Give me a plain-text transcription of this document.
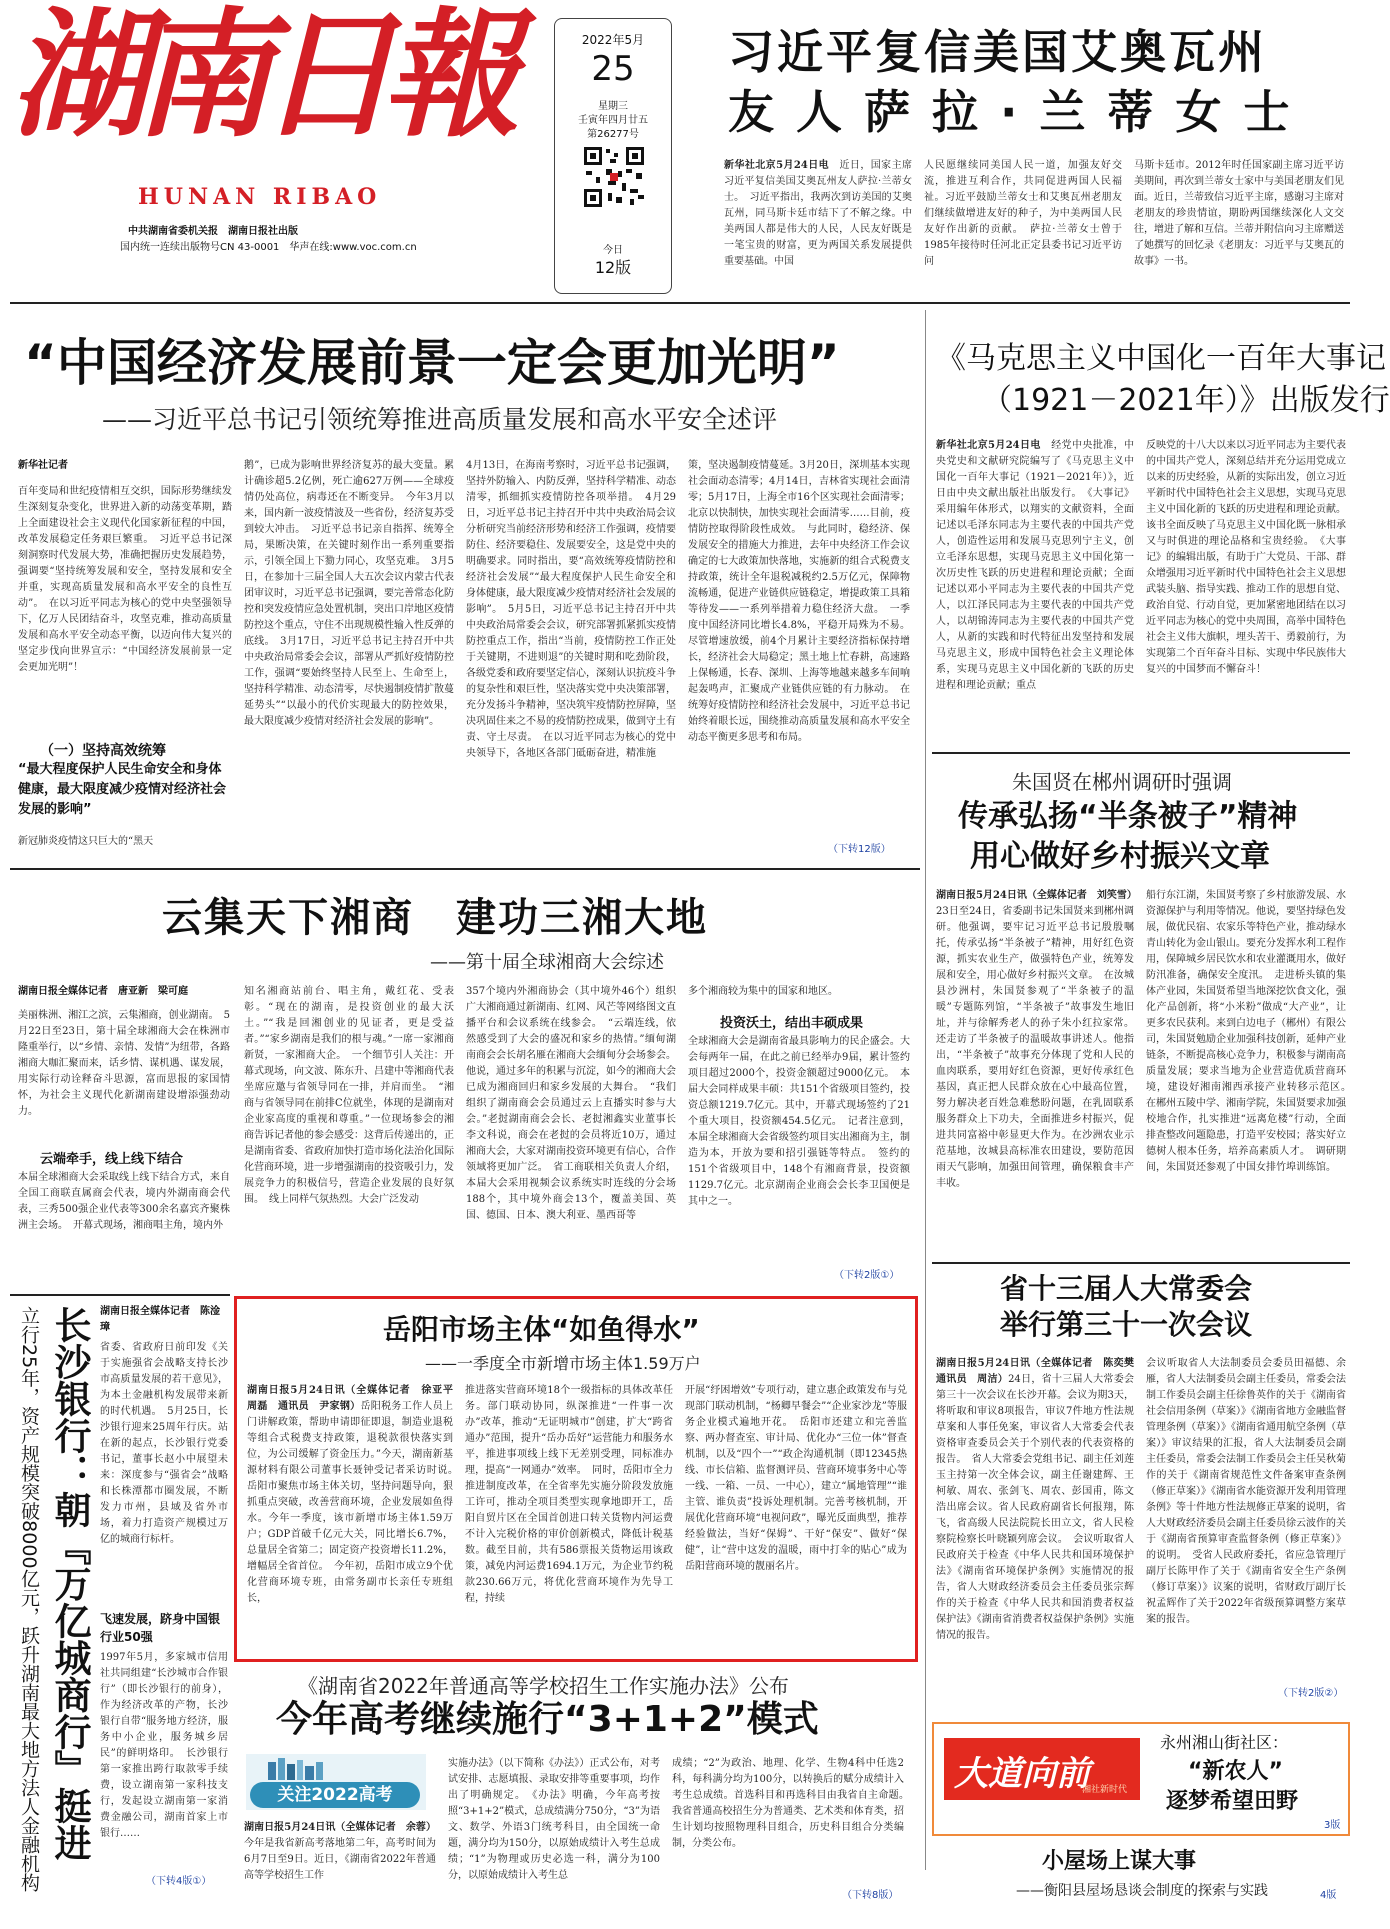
湖南日報
HUNAN RIBAO
中共湖南省委机关报　湖南日报社出版
国内统一连续出版物号CN 43-0001　华声在线:www.voc.com.cn
2022年5月
25
星期三
壬寅年四月廿五
第26277号
今日
12版
习近平复信美国艾奥瓦州
友人萨拉·兰蒂女士
新华社北京5月24日电　 近日，国家主席习近平复信美国艾奥瓦州友人萨拉·兰蒂女士。　习近平指出，我两次到访美国的艾奥瓦州，同马斯卡廷市结下了不解之缘。中美两国人都是伟大的人民，人民友好既是一笔宝贵的财富，更为两国关系发展提供重要基础。中国
人民愿继续同美国人民一道，加强友好交流，推进互利合作，共同促进两国人民福祉。习近平鼓励兰蒂女士和艾奥瓦州老朋友们继续做增进友好的种子，为中美两国人民友好作出新的贡献。　萨拉·兰蒂女士曾于1985年接待时任河北正定县委书记习近平访问
马斯卡廷市。2012年时任国家副主席习近平访美期间，再次到兰蒂女士家中与美国老朋友们见面。近日，兰蒂致信习近平主席，感谢习主席对老朋友的珍贵情谊，期盼两国继续深化人文交往，增进了解和互信。兰蒂并附信向习主席赠送了她撰写的回忆录《老朋友：习近平与艾奥瓦的故事》一书。
“中国经济发展前景一定会更加光明”
——习近平总书记引领统筹推进高质量发展和高水平安全述评
新华社记者
百年变局和世纪疫情相互交织，国际形势继续发生深刻复杂变化，世界进入新的动荡变革期，踏上全面建设社会主义现代化国家新征程的中国，改革发展稳定任务艰巨繁重。　习近平总书记深刻洞察时代发展大势，准确把握历史发展趋势，强调要“坚持统筹发展和安全，坚持发展和安全并重，实现高质量发展和高水平安全的良性互动”。　在以习近平同志为核心的党中央坚强领导下，亿万人民团结奋斗，攻坚克难，推动高质量发展和高水平安全动态平衡，以迈向伟大复兴的坚定步伐向世界宣示：“中国经济发展前景一定会更加光明”！
（一）坚持高效统筹
“最大程度保护人民生命安全和身体健康，最大限度减少疫情对经济社会发展的影响”
新冠肺炎疫情这只巨大的“黑天
鹅”，已成为影响世界经济复苏的最大变量。累计确诊超5.2亿例，死亡逾627万例——全球疫情仍处高位，病毒还在不断变异。　今年3月以来，国内新一波疫情波及一些省份，经济复苏受到较大冲击。　习近平总书记亲自指挥、统筹全局，果断决策，在关键时刻作出一系列重要指示，引领全国上下勠力同心，攻坚克难。　3月5日，在参加十三届全国人大五次会议内蒙古代表团审议时，习近平总书记强调，要完善常态化防控和突发疫情应急处置机制，突出口岸地区疫情防控这个重点，守住不出现规模性输入性反弹的底线。　3月17日，习近平总书记主持召开中共中央政治局常委会会议，部署从严抓好疫情防控工作，强调“要始终坚持人民至上、生命至上，坚持科学精准、动态清零，尽快遏制疫情扩散蔓延势头”“以最小的代价实现最大的防控效果，最大限度减少疫情对经济社会发展的影响”。
4月13日，在海南考察时，习近平总书记强调，坚持外防输入、内防反弹，坚持科学精准、动态清零，抓细抓实疫情防控各项举措。　4月29日，习近平总书记主持召开中共中央政治局会议分析研究当前经济形势和经济工作强调，疫情要防住、经济要稳住、发展要安全，这是党中央的明确要求。同时指出，要“高效统筹疫情防控和经济社会发展”“最大程度保护人民生命安全和身体健康，最大限度减少疫情对经济社会发展的影响”。　5月5日，习近平总书记主持召开中共中央政治局常委会会议，研究部署抓紧抓实疫情防控重点工作，指出“当前，疫情防控工作正处于关键期，不进则退”的关键时期和吃劲阶段，各级党委和政府要坚定信心，深刻认识抗疫斗争的复杂性和艰巨性，坚决落实党中央决策部署，充分发扬斗争精神，坚决筑牢疫情防控屏障，坚决巩固住来之不易的疫情防控成果，做到守土有责、守土尽责。　在以习近平同志为核心的党中央领导下，各地区各部门砥砺奋进，精准施
策，坚决遏制疫情蔓延。3月20日，深圳基本实现社会面动态清零；4月14日，吉林省实现社会面清零；5月17日，上海全市16个区实现社会面清零；北京以快制快，加快实现社会面清零……目前，疫情防控取得阶段性成效。　与此同时，稳经济、保发展安全的措施大力推进，去年中央经济工作会议确定的七大政策加快落地，实施新的组合式税费支持政策，统计全年退税减税约2.5万亿元，保障物流畅通，促进产业链供应链稳定，增提政策工具箱等待发——一系列举措着力稳住经济大盘。　一季度中国经济同比增长4.8%，平稳开局殊为不易。尽管增速放缓，前4个月累计主要经济指标保持增长，经济社会大局稳定；黑土地上忙春耕，高速路上保畅通，长春、深圳、上海等地越来越多车间响起轰鸣声，汇聚成产业链供应链的有力脉动。　在统筹好疫情防控和经济社会发展中，习近平总书记始终着眼长远，围绕推动高质量发展和高水平安全动态平衡更多思考和布局。
（下转12版）
《马克思主义中国化一百年大事记
（1921－2021年）》出版发行
新华社北京5月24日电　 经党中央批准，中央党史和文献研究院编写了《马克思主义中国化一百年大事记（1921－2021年）》，近日由中央文献出版社出版发行。　《大事记》采用编年体形式，以翔实的文献资料，全面记述以毛泽东同志为主要代表的中国共产党人，创造性运用和发展马克思列宁主义，创立毛泽东思想，实现马克思主义中国化第一次历史性飞跃的历史进程和理论贡献；全面记述以邓小平同志为主要代表的中国共产党人，以江泽民同志为主要代表的中国共产党人，以胡锦涛同志为主要代表的中国共产党人，从新的实践和时代特征出发坚持和发展马克思主义，形成中国特色社会主义理论体系，实现马克思主义中国化新的飞跃的历史进程和理论贡献；重点
反映党的十八大以来以习近平同志为主要代表的中国共产党人，深刻总结并充分运用党成立以来的历史经验，从新的实际出发，创立习近平新时代中国特色社会主义思想，实现马克思主义中国化新的飞跃的历史进程和理论贡献。该书全面反映了马克思主义中国化既一脉相承又与时俱进的理论品格和宝贵经验。　《大事记》的编辑出版，有助于广大党员、干部、群众增强用习近平新时代中国特色社会主义思想武装头脑、指导实践、推动工作的思想自觉、政治自觉、行动自觉，更加紧密地团结在以习近平同志为核心的党中央周围，高举中国特色社会主义伟大旗帜，埋头苦干、勇毅前行，为实现第二个百年奋斗目标、实现中华民族伟大复兴的中国梦而不懈奋斗！
朱国贤在郴州调研时强调
传承弘扬“半条被子”精神
用心做好乡村振兴文章
湖南日报5月24日讯（全媒体记者　刘笑雪）23日至24日，省委副书记朱国贤来到郴州调研。他强调，要牢记习近平总书记殷殷嘱托，传承弘扬“半条被子”精神，用好红色资源，抓实农业生产，做强特色产业，统筹发展和安全，用心做好乡村振兴文章。　在汝城县沙洲村，朱国贤参观了“半条被子的温暖”专题陈列馆，“半条被子”故事发生地旧址，并与徐解秀老人的孙子朱小红拉家常。还走访了半条被子的温暖故事讲述人。他指出，“半条被子”故事充分体现了党和人民的血肉联系，要用好红色资源，更好传承红色基因，真正把人民群众放在心中最高位置，努力解决老百姓急难愁盼问题，在乳固联系服务群众上下功夫，全面推进乡村振兴，促进共同富裕中彰显更大作为。在沙洲农业示范基地，汝城县高标准农田建设，要防范因雨天气影响，加强田间管理，确保粮食丰产丰收。
船行东江湖，朱国贤考察了乡村旅游发展、水资源保护与利用等情况。他说，要坚持绿色发展，做优民宿、农家乐等特色产业，推动绿水青山转化为金山银山。要充分发挥水利工程作用，保障城乡居民饮水和农业灌溉用水，做好防汛准备，确保安全度汛。　走进桥头镇的集体产业园，朱国贤希望当地深挖饮食文化，强化产品创新，将“小米粉”做成“大产业”，让更多农民获利。来到白边电子（郴州）有限公司，朱国贤勉励企业加强科技创新，延伸产业链条，不断提高核心竞争力，积极参与湖南高质量发展；要求当地为企业营造优质营商环境，建设好湘南湘西承接产业转移示范区。　在郴州五陵中学、湘南学院，朱国贤要求加强校地合作，扎实推进“远离危楼”行动，全面排查整改问题隐患，打造平安校园；落实好立德树人根本任务，培养高素质人才。　调研期间，朱国贤还参观了中国女排竹埠训练馆。
云集天下湘商　建功三湘大地
——第十届全球湘商大会综述
湖南日报全媒体记者　唐亚新　梁可庭
美丽株洲、湘江之滨，云集湘商，创业湖南。　5月22日至23日，第十届全球湘商大会在株洲市隆重举行，以“乡情、亲情、发情”为纽带，各路湘商大咖汇聚而来，话乡情、谋机遇、谋发展，用实际行动诠释奋斗思源，富而思报的家国情怀，为社会主义现代化新湖南建设增添强劲动力。
云端牵手，线上线下结合
本届全球湘商大会采取线上线下结合方式，来自全国工商联直属商会代表，境内外湖南商会代表，三秀500强企业代表等300余名嘉宾齐聚株洲主会场。　开幕式现场，湘商唱主角，境内外
知名湘商站前台、唱主角，戴红花、受表彰。“现在的湖南，是投资创业的最大沃土。”“我是回湘创业的见证者，更是受益者。”“家乡湖南是我们的根与魂。”一席一家湘商新贤，一家湘商大企。　一个细节引人关注：开幕式现场，向文波、陈东升、吕建中等湘商代表坐席应邀与省领导同在一排，并肩而坐。　“湘商与省领导同在前排C位就坐，体现的是湖南对企业家高度的重视和尊重。”一位现场参会的湘商告诉记者他的参会感受：这背后传递出的，正是湖南省委、省政府加快打造市场化法治化国际化营商环境，进一步增强湖南的投资吸引力，发展竞争力的积极信号，营造企业发展的良好氛围。　线上同样气氛热烈。大会广泛发动
357个境内外湘商协会（其中境外46个）组织广大湘商通过新湖南、红网、风芒等网络图文直播平台和会议系统在线参会。　“云端连线，依然感受到了大会的盛况和家乡的热情。”缅甸湖南商会会长胡名雁在湘商大会缅甸分会场参会。他说，通过多年的积累与沉淀，如今的湘商大会已成为湘商回归和家乡发展的大舞台。　“我们组织了湖南商会会员通过云上直播实时参与大会。”老挝湖南商会会长、老挝湘鑫实业董事长李文科说，商会在老挝的会员将近10万，通过湘商大会，大家对湖南投资环境更有信心，合作领域将更加广泛。　省工商联相关负责人介绍，本届大会采用视频会议系统实时连线的分会场188个，其中境外商会13个，覆盖美国、英国、德国、日本、澳大利亚、墨西哥等
多个湘商较为集中的国家和地区。
投资沃土，结出丰硕成果
全球湘商大会是湖南省最具影响力的民企盛会。大会每两年一届，在此之前已经举办9届，累计签约项目超过2000个，投资金额超过9000亿元。　本届大会同样成果丰硕：共151个省级项目签约，投资总额1219.7亿元。其中，开幕式现场签约了21个重大项目，投资额454.5亿元。　记者注意到，本届全球湘商大会省级签约项目实出湘商为主，制造为本，开放为要和招引强链等特点。　签约的151个省级项目中，148个有湘商背景，投资额1129.7亿元。北京湖南企业商会会长李卫国便是其中之一。
（下转2版①）
立行25年，资产规模突破8000亿元，跃升湖南最大地方法人金融机构 长沙银行：朝『万亿城商行』挺进 湖南日报全媒体记者　陈淦璋
省委、省政府日前印发《关于实施强省会战略支持长沙市高质量发展的若干意见》，为本土金融机构发展带来新的时代机遇。　5月25日，长沙银行迎来25周年行庆。站在新的起点，长沙银行党委书记，董事长赵小中展望未来：深度参与“强省会”战略和长株潭都市圈发展，不断发力市州，县域及省外市场，着力打造资产规模过万亿的城商行标杆。
飞速发展，跻身中国银行业50强
1997年5月，多家城市信用社共同组建“长沙城市合作银行”（即长沙银行的前身），作为经济改革的产物，长沙银行自带“服务地方经济，服务中小企业，服务城乡居民”的鲜明烙印。　长沙银行第一家推出跨行取款零手续费，设立湖南第一家科技支行，发起设立湖南第一家消费金融公司，湖南首家上市银行……
（下转4版①）
岳阳市场主体“如鱼得水”
——一季度全市新增市场主体1.59万户
湖南日报5月24日讯（全媒体记者　徐亚平　周磊　通讯员　尹家钢）岳阳税务工作人员上门讲解政策，帮助申请即征即退，制造业退税等组合式税费支持政策，退税款很快落实到位，为公司缓解了资金压力。”今天，湖南新基源材料有限公司董事长聂钟受记者采访时说。　岳阳市聚焦市场主体关切，坚持问题导向，狠抓重点突破，改善营商环境，企业发展如鱼得水。今年一季度，该市新增市场主体1.59万户；GDP首破千亿元大关，同比增长6.7%，总量居全省第二；固定资产投资增长11.2%，增幅居全省首位。　今年初，岳阳市成立9个优化营商环境专班，由常务副市长亲任专班组长，
推进落实营商环境18个一级指标的具体改革任务。部门联动协同，纵深推进“一件事一次办”改革，推动“无证明城市”创建，扩大“跨省通办”范围，提升“岳办岳好”运营能力和服务水平，推进事项线上线下无差别受理，同标准办理，提高“一网通办”效率。　同时，岳阳市全力推进制度改革，在全省率先实施分阶段发放施工许可，推动全项目类型实现拿地即开工，岳阳自贸片区在全国首创进口转关货物内河运费不计入完税价格的审价创新模式，降低计税基数。截至目前，共有586票报关货物运用该政策，减免内河运费1694.1万元，为企业节约税款230.66万元，将优化营商环境作为先导工程，持续
开展“纾困增效”专项行动，建立惠企政策发布与兑现部门联动机制，“杨卿早餐会”“企业家沙龙”等服务企业模式遍地开花。　岳阳市还建立和完善监察、两办督查室、审计局、优化办“三位一体”督查机制，以及“四个一”“政企沟通机制（即12345热线、市长信箱、监督测评员、营商环境事务中心等一线、一箱、一员、一中心），建立“属地管理”“谁主管、谁负责”投诉处理机制。完善考核机制，开展优化营商环境“电视问政”，曝光反面典型，推荐经验做法，当好“保姆”、干好“保安”、做好“保健”，让“营中这发的温暖，雨中打伞的贴心”成为岳阳营商环境的靓丽名片。
《湖南省2022年普通高等学校招生工作实施办法》公布
今年高考继续施行“3+1+2”模式
关注2022高考
湖南日报5月24日讯（全媒体记者　余蓉）今年是我省新高考落地第二年，高考时间为6月7日至9日。近日，《湖南省2022年普通高等学校招生工作
实施办法》（以下简称《办法》）正式公布，对考试安排、志愿填报、录取安排等重要事项，均作出了明确规定。　《办法》明确，今年高考按照“3+1+2”模式，总成绩满分750分，“3”为语文、数学、外语3门统考科目，由全国统一命题，满分均为150分，以原始成绩计入考生总成绩；“1”为物理或历史必选一科，满分为100分，以原始成绩计入考生总
成绩；“2”为政治、地理、化学、生物4科中任选2科，每科满分均为100分，以转换后的赋分成绩计入考生总成绩。首选科目和再选科目由我省自主命题。　我省普通高校招生分为普通类、艺术类和体育类，招生计划均按照物理科目组合，历史科目组合分类编制，分类公布。
（下转8版）
省十三届人大常委会
举行第三十一次会议
湖南日报5月24日讯（全媒体记者　陈奕樊　通讯员　周洁）24日，省十三届人大常委会第三十一次会议在长沙开幕。会议为期3天，将听取和审议8项报告，审议7件地方性法规草案和人事任免案，审议省人大常委会代表资格审查委员会关于个别代表的代表资格的报告。　省人大常委会党组书记、副主任刘莲玉主持第一次全体会议，副主任谢建辉、王柯敏、周农、张剑飞、周农、彭国甫，陈文浩出席会议。省人民政府副省长何报翔，陈飞，省高级人民法院院长田立文，省人民检察院检察长叶晓颖列席会议。　会议听取省人民政府关于检查《中华人民共和国环境保护法》《湖南省环境保护条例》实施情况的报告，省人大财政经济委员会主任委员张宗辉作的关于检查《中华人民共和国消费者权益保护法》《湖南省消费者权益保护条例》实施情况的报告。
会议听取省人大法制委员会委员田福德、余雁，省人大法制委员会副主任委员，常委会法制工作委员会副主任徐鲁英作的关于《湖南省社会信用条例（草案）》《湖南省地方金融监督管理条例（草案）》《湖南省通用航空条例（草案）》审议结果的汇报，省人大法制委员会副主任委员，常委会法制工作委员会主任吴秋菊作的关于《湖南省规范性文件备案审查条例（修正草案）》《湖南省水能资源开发利用管理条例》等十件地方性法规修正草案的说明，省人大财政经济委员会副主任委员徐云波作的关于《湖南省预算审查监督条例（修正草案）》的说明。　受省人民政府委托，省应急管理厅副厅长陈甲作了关于《湖南省安全生产条例（修订草案）》议案的说明，省财政厅副厅长祝孟辉作了关于2022年省级预算调整方案草案的报告。
（下转2版②）
大道向前
湘社新时代
永州湘山街社区：
“新农人”
逐梦希望田野
3版
小屋场上谋大事
——衡阳县屋场恳谈会制度的探索与实践	4版
